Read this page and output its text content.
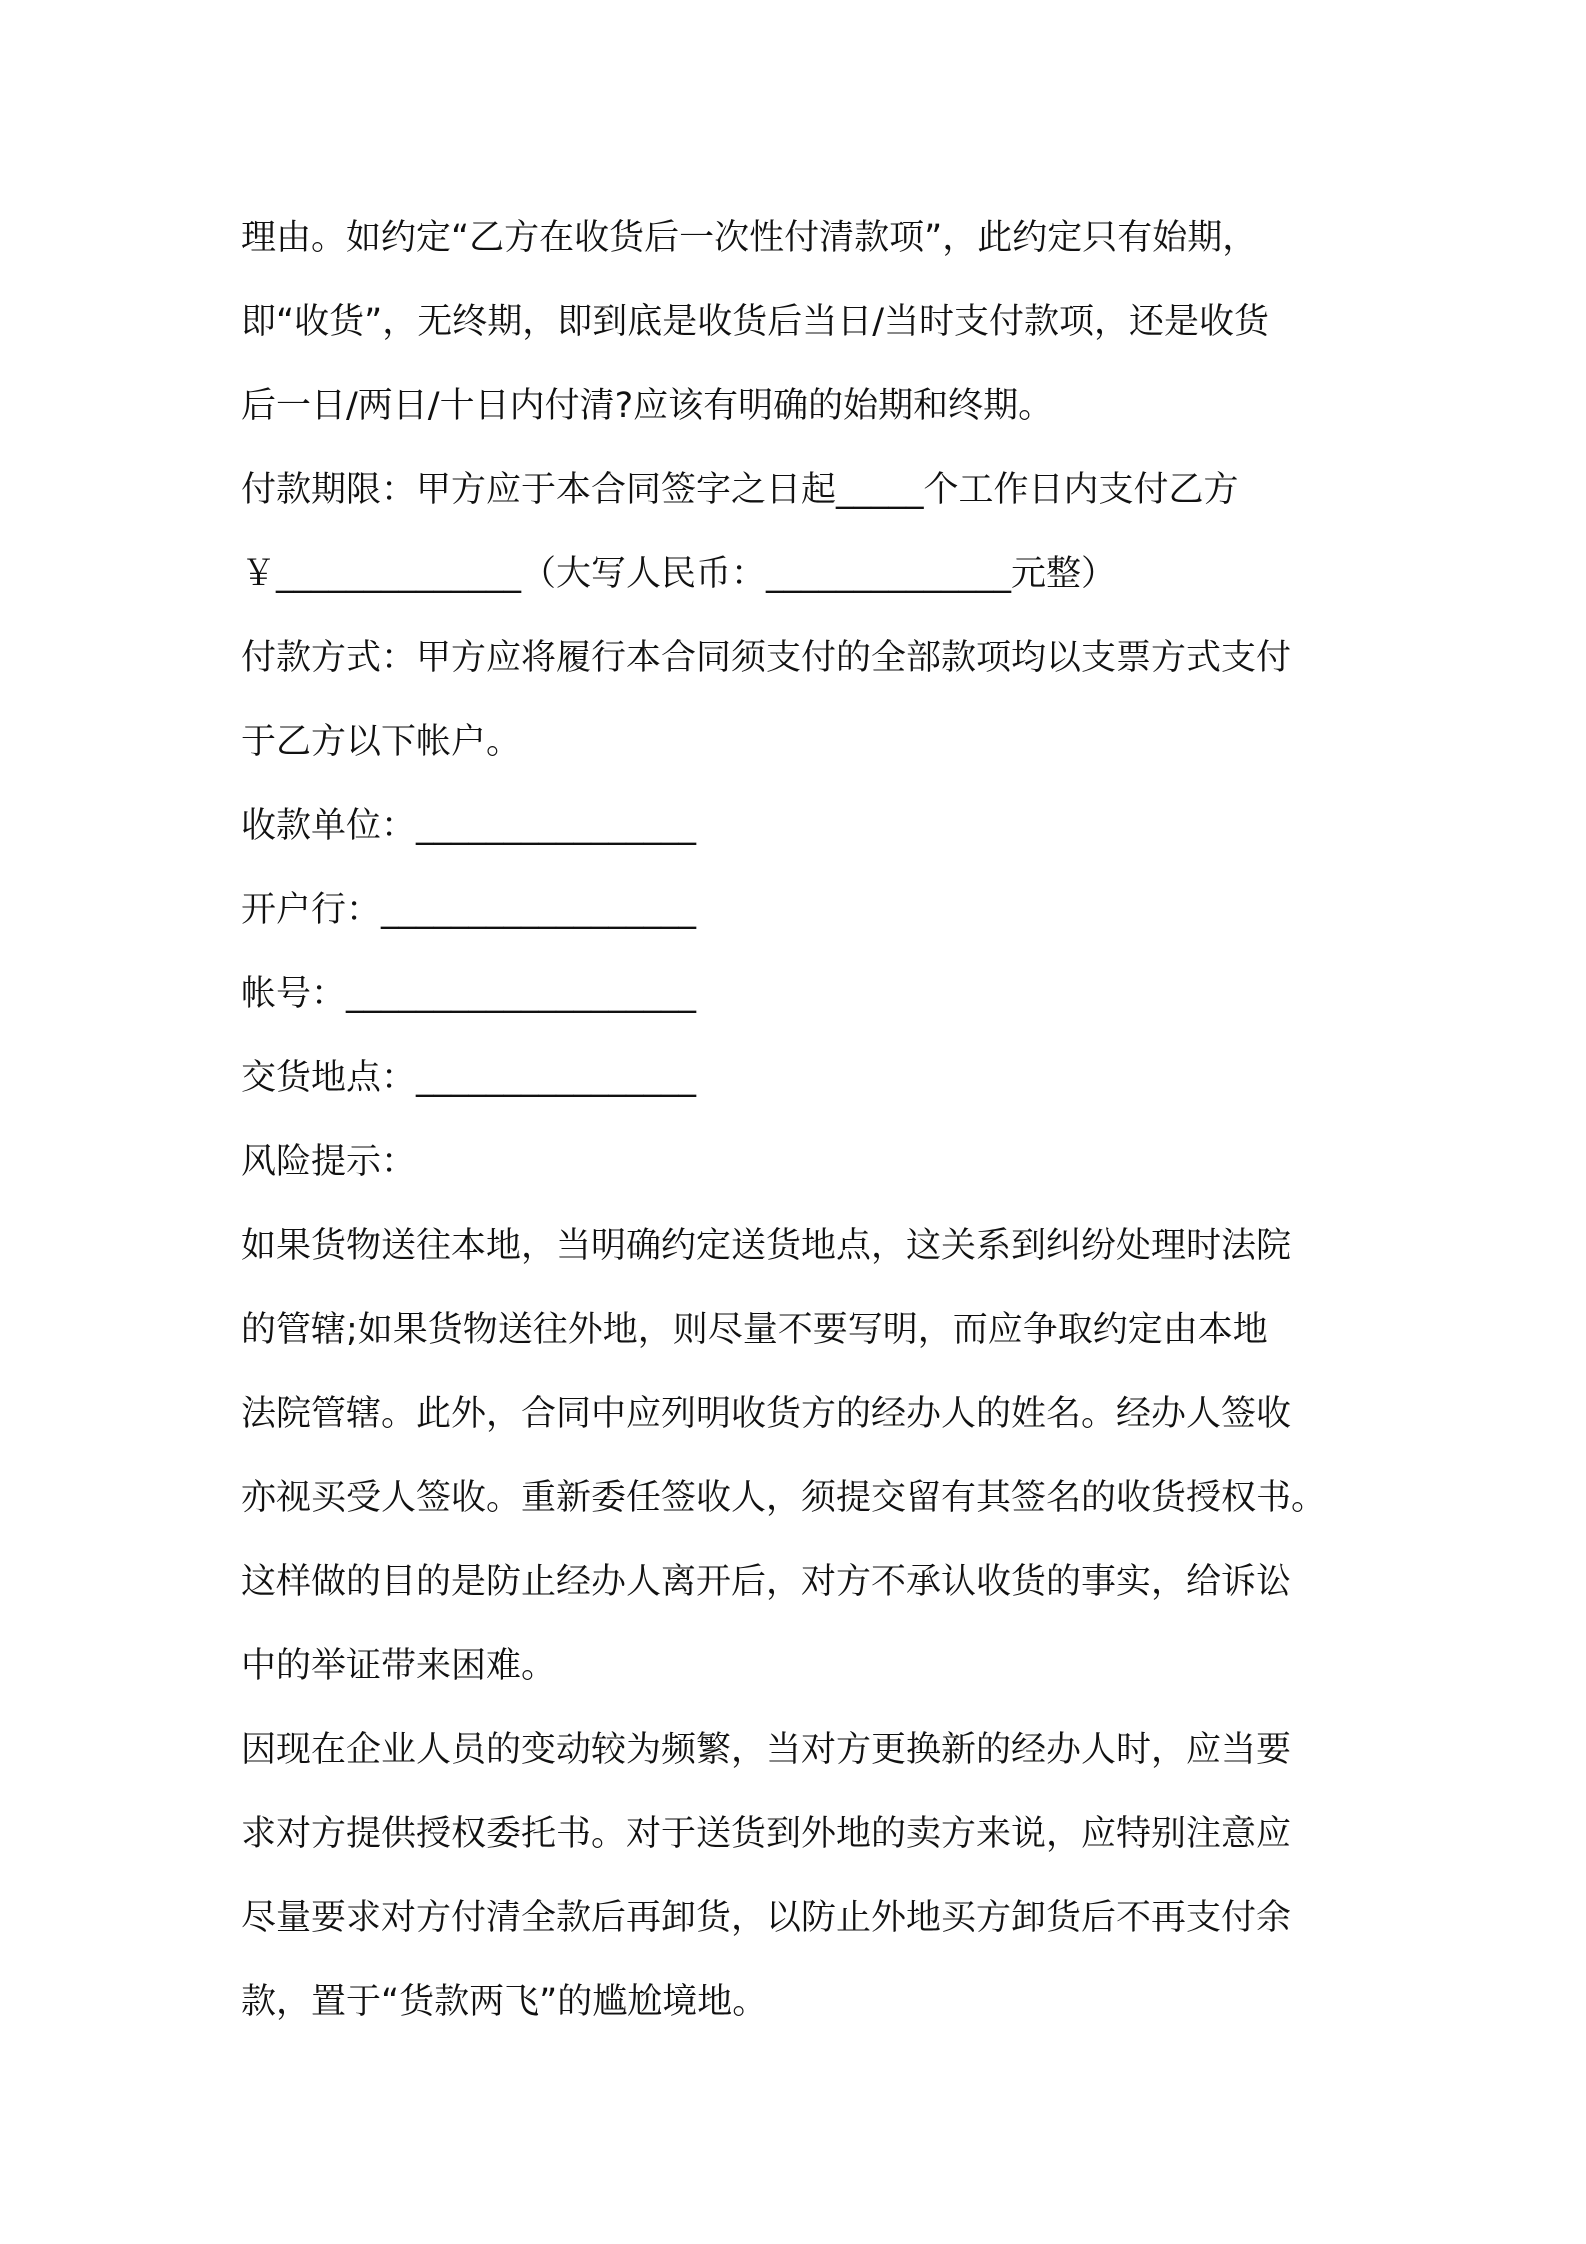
理由。如约定“乙方在收货后一次性付清款项”，此约定只有始期，
即“收货”，无终期，即到底是收货后当日/当时支付款项，还是收货
后一日/两日/十日内付清?应该有明确的始期和终期。

付款期限：甲方应于本合同签字之日起_____个工作日内支付乙方
￥______________（大写人民币：______________元整）

付款方式：甲方应将履行本合同须支付的全部款项均以支票方式支付
于乙方以下帐户。

收款单位：________________

开户行：__________________

帐号：____________________

交货地点：________________

风险提示：

如果货物送往本地，当明确约定送货地点，这关系到纠纷处理时法院
的管辖;如果货物送往外地，则尽量不要写明，而应争取约定由本地
法院管辖。此外，合同中应列明收货方的经办人的姓名。经办人签收
亦视买受人签收。重新委任签收人，须提交留有其签名的收货授权书。
这样做的目的是防止经办人离开后，对方不承认收货的事实，给诉讼
中的举证带来困难。

因现在企业人员的变动较为频繁，当对方更换新的经办人时，应当要
求对方提供授权委托书。对于送货到外地的卖方来说，应特别注意应
尽量要求对方付清全款后再卸货，以防止外地买方卸货后不再支付余
款，置于“货款两飞”的尴尬境地。
